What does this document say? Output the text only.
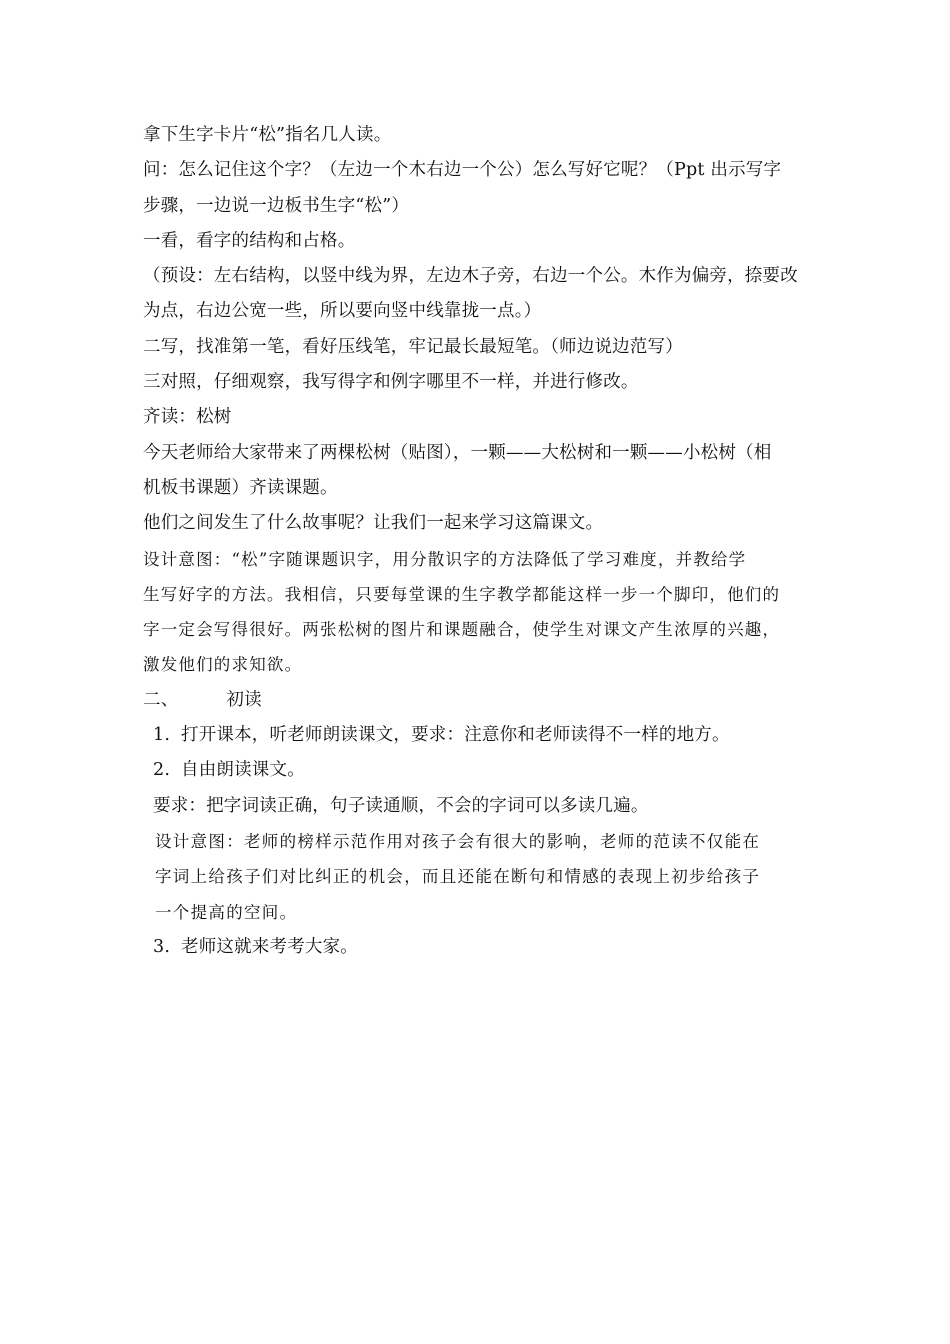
拿下生字卡片“松”指名几人读。
问：怎么记住这个字？（左边一个木右边一个公）怎么写好它呢？（Ppt 出示写字
步骤，一边说一边板书生字“松”）
一看，看字的结构和占格。
（预设：左右结构，以竖中线为界，左边木子旁，右边一个公。木作为偏旁，捺要改
为点，右边公宽一些，所以要向竖中线靠拢一点。）
二写，找准第一笔，看好压线笔，牢记最长最短笔。（师边说边范写）
三对照，仔细观察，我写得字和例字哪里不一样，并进行修改。
齐读：松树
今天老师给大家带来了两棵松树（贴图），一颗——大松树和一颗——小松树（相
机板书课题）齐读课题。
他们之间发生了什么故事呢？让我们一起来学习这篇课文。
设计意图：“松”字随课题识字，用分散识字的方法降低了学习难度，并教给学
生写好字的方法。我相信，只要每堂课的生字教学都能这样一步一个脚印，他们的
字一定会写得很好。两张松树的图片和课题融合，使学生对课文产生浓厚的兴趣，
激发他们的求知欲。
二、	初读
1. 打开课本，听老师朗读课文，要求：注意你和老师读得不一样的地方。
2. 自由朗读课文。
要求：把字词读正确，句子读通顺，不会的字词可以多读几遍。
设计意图：老师的榜样示范作用对孩子会有很大的影响，老师的范读不仅能在
字词上给孩子们对比纠正的机会，而且还能在断句和情感的表现上初步给孩子
一个提高的空间。
3. 老师这就来考考大家。
